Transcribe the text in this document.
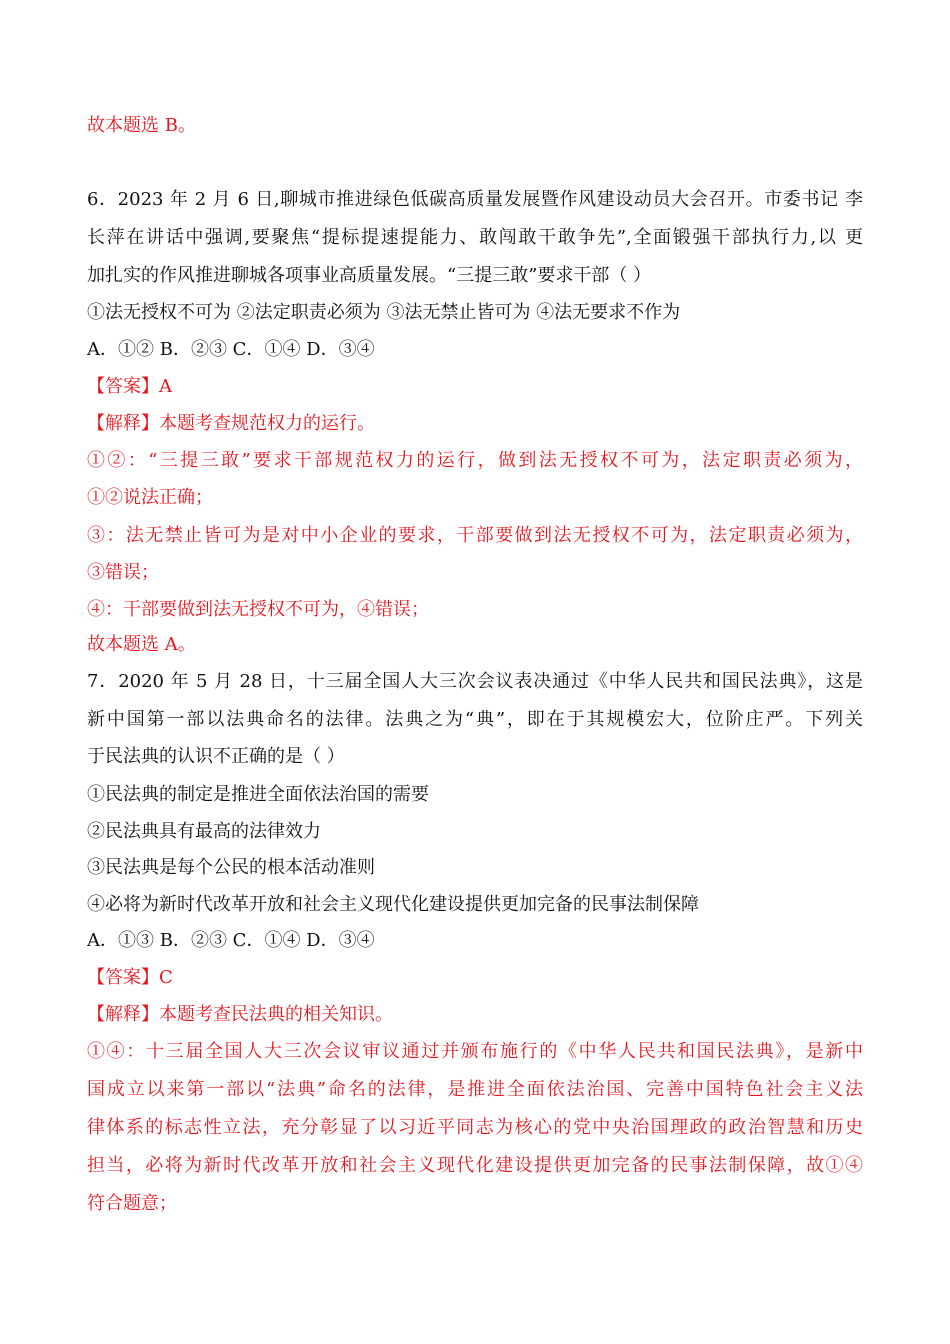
故本题选 B。
6．2023 年 2 月 6 日,聊城市推进绿色低碳高质量发展暨作风建设动员大会召开。市委书记 李
长萍在讲话中强调,要聚焦“提标提速提能力、敢闯敢干敢争先”,全面锻强干部执行力,以 更
加扎实的作风推进聊城各项事业高质量发展。“三提三敢”要求干部（ ）
①法无授权不可为 ②法定职责必须为 ③法无禁止皆可为 ④法无要求不作为
A．①② B．②③ C．①④ D．③④
【答案】A
【解释】本题考查规范权力的运行。
①②：“三提三敢”要求干部规范权力的运行，做到法无授权不可为，法定职责必须为，
①②说法正确；
③：法无禁止皆可为是对中小企业的要求，干部要做到法无授权不可为，法定职责必须为，
③错误；
④：干部要做到法无授权不可为，④错误；
故本题选 A。
7．2020 年 5 月 28 日，十三届全国人大三次会议表决通过《中华人民共和国民法典》，这是
新中国第一部以法典命名的法律。法典之为“典”，即在于其规模宏大，位阶庄严。下列关
于民法典的认识不正确的是（ ）
①民法典的制定是推进全面依法治国的需要
②民法典具有最高的法律效力
③民法典是每个公民的根本活动准则
④必将为新时代改革开放和社会主义现代化建设提供更加完备的民事法制保障
A．①③ B．②③ C．①④ D．③④
【答案】C
【解释】本题考查民法典的相关知识。
①④：十三届全国人大三次会议审议通过并颁布施行的《中华人民共和国民法典》，是新中
国成立以来第一部以“法典”命名的法律，是推进全面依法治国、完善中国特色社会主义法
律体系的标志性立法，充分彰显了以习近平同志为核心的党中央治国理政的政治智慧和历史
担当，必将为新时代改革开放和社会主义现代化建设提供更加完备的民事法制保障，故①④
符合题意；
